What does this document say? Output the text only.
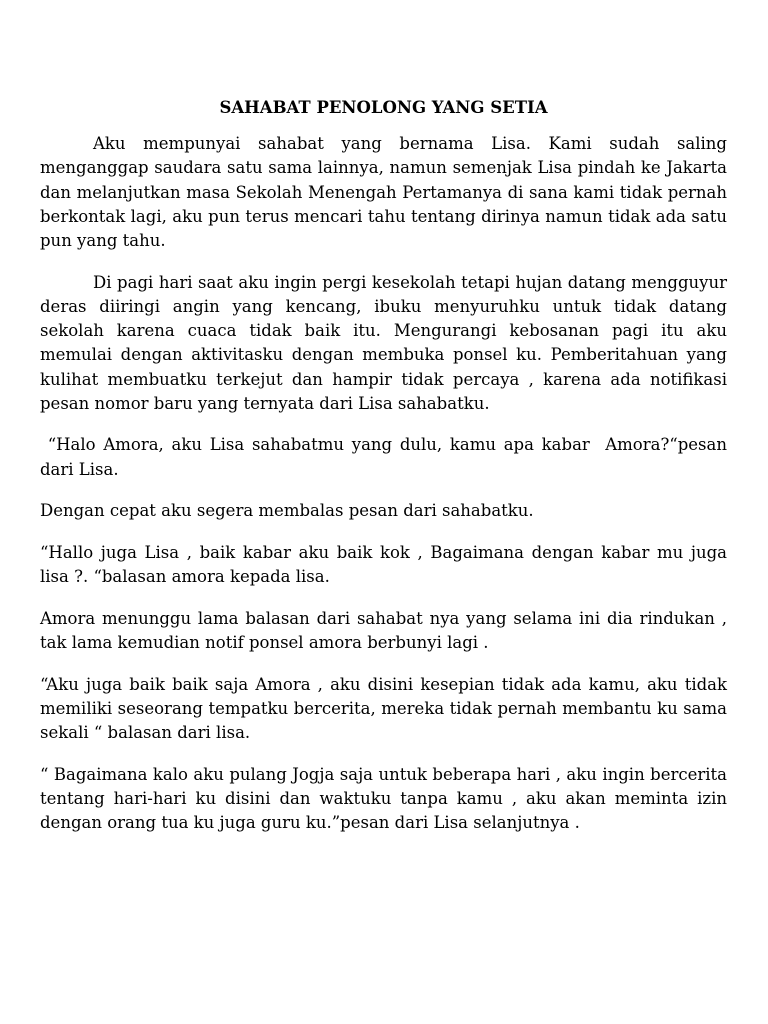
SAHABAT PENOLONG YANG SETIA

Aku mempunyai sahabat yang bernama Lisa. Kami sudah saling menganggap saudara satu sama lainnya, namun semenjak Lisa pindah ke Jakarta dan melanjutkan masa Sekolah Menengah Pertamanya di sana kami tidak pernah berkontak lagi, aku pun terus mencari tahu tentang dirinya namun tidak ada satu pun yang tahu.

Di pagi hari saat aku ingin pergi kesekolah tetapi hujan datang mengguyur deras diiringi angin yang kencang, ibuku menyuruhku untuk tidak datang sekolah karena cuaca tidak baik itu. Mengurangi kebosanan pagi itu aku memulai dengan aktivitasku dengan membuka ponsel ku. Pemberitahuan yang kulihat membuatku terkejut dan hampir tidak percaya , karena ada notifikasi pesan nomor baru yang ternyata dari Lisa sahabatku.

“Halo Amora, aku Lisa sahabatmu yang dulu, kamu apa kabar  Amora?“pesan dari Lisa.

Dengan cepat aku segera membalas pesan dari sahabatku.

“Hallo juga Lisa , baik kabar aku baik kok , Bagaimana dengan kabar mu juga lisa ?. “balasan amora kepada lisa.

Amora menunggu lama balasan dari sahabat nya yang selama ini dia rindukan , tak lama kemudian notif ponsel amora berbunyi lagi .

“Aku juga baik baik saja Amora , aku disini kesepian tidak ada kamu, aku tidak memiliki seseorang tempatku bercerita, mereka tidak pernah membantu ku sama sekali “ balasan dari lisa.

“ Bagaimana kalo aku pulang Jogja saja untuk beberapa hari , aku ingin bercerita tentang hari-hari ku disini dan waktuku tanpa kamu , aku akan meminta izin dengan orang tua ku juga guru ku.”pesan dari Lisa selanjutnya .
